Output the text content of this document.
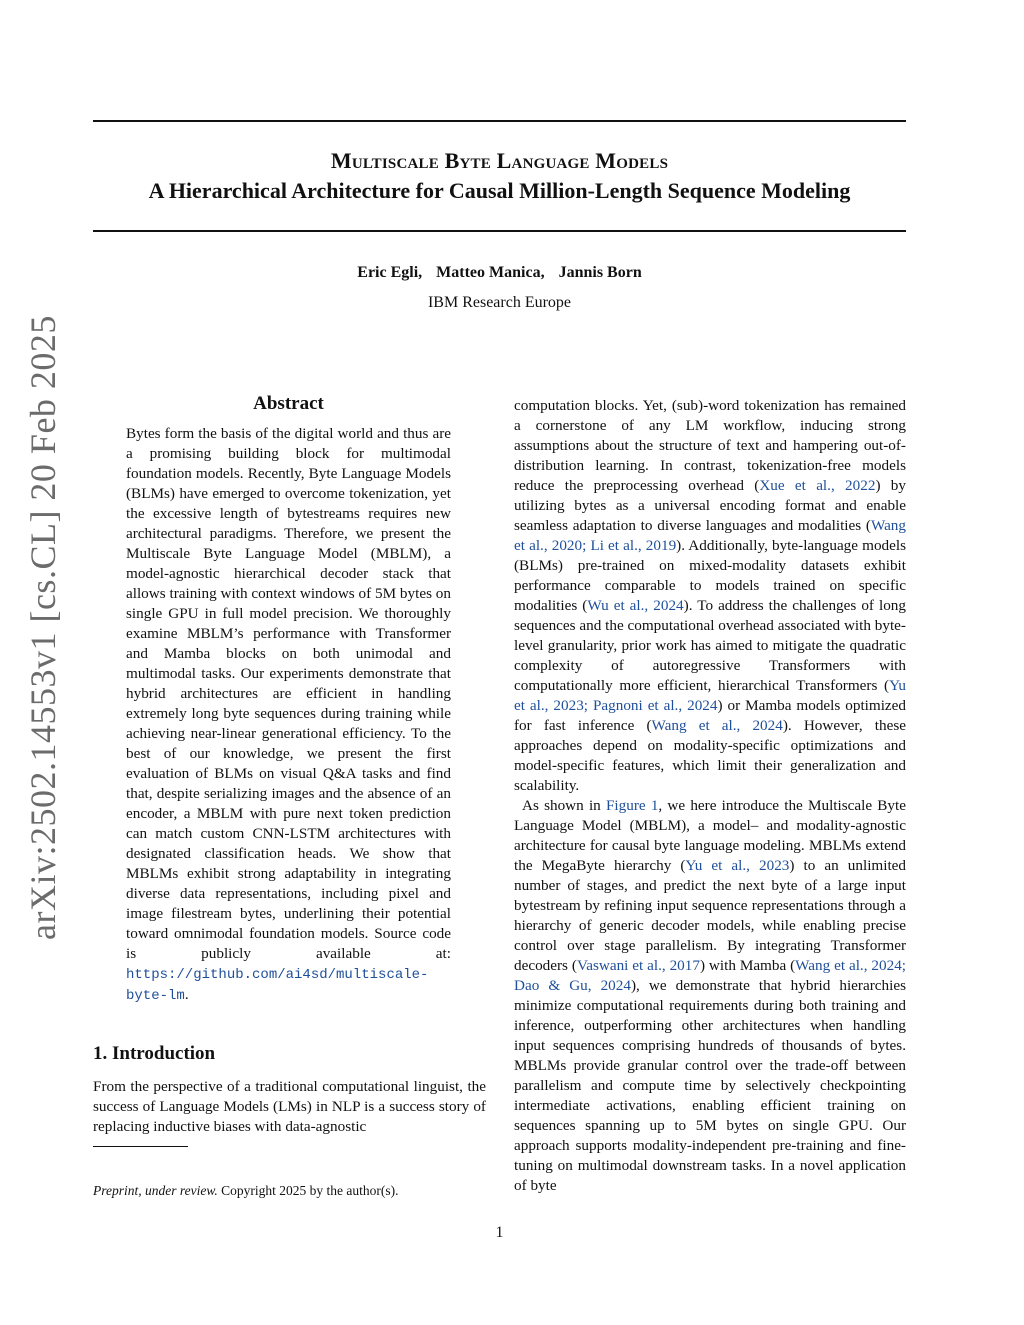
Multiscale Byte Language Models
A Hierarchical Architecture for Causal Million-Length Sequence Modeling
Eric Egli, Matteo Manica, Jannis Born
IBM Research Europe
arXiv:2502.14553v1 [cs.CL] 20 Feb 2025	Abstract
Bytes form the basis of the digital world and thus are a promising building block for multimodal foundation models. Recently, Byte Language Models (BLMs) have emerged to overcome tokenization, yet the excessive length of bytestreams requires new architectural paradigms. Therefore, we present the Multiscale Byte Language Model (MBLM), a model-agnostic hierarchical decoder stack that allows training with context windows of 5M bytes on single GPU in full model precision. We thoroughly examine MBLM’s performance with Transformer and Mamba blocks on both unimodal and multimodal tasks. Our experiments demonstrate that hybrid architectures are efficient in handling extremely long byte sequences during training while achieving near-linear generational efficiency. To the best of our knowledge, we present the first evaluation of BLMs on visual Q&A tasks and find that, despite serializing images and the absence of an encoder, a MBLM with pure next token prediction can match custom CNN-LSTM architectures with designated classification heads. We show that MBLMs exhibit strong adaptability in integrating diverse data representations, including pixel and image filestream bytes, underlining their potential toward omnimodal foundation models. Source code is publicly available at: https://github.com/ai4sd/multiscale-byte-lm.
1. Introduction
From the perspective of a traditional computational linguist, the success of Language Models (LMs) in NLP is a success story of replacing inductive biases with data-agnostic
Preprint, under review. Copyright 2025 by the author(s).

computation blocks. Yet, (sub)-word tokenization has remained a cornerstone of any LM workflow, inducing strong assumptions about the structure of text and hampering out-of-distribution learning. In contrast, tokenization-free models reduce the preprocessing overhead (Xue et al., 2022) by utilizing bytes as a universal encoding format and enable seamless adaptation to diverse languages and modalities (Wang et al., 2020; Li et al., 2019). Additionally, byte-language models (BLMs) pre-trained on mixed-modality datasets exhibit performance comparable to models trained on specific modalities (Wu et al., 2024). To address the challenges of long sequences and the computational overhead associated with byte-level granularity, prior work has aimed to mitigate the quadratic complexity of autoregressive Transformers with computationally more efficient, hierarchical Transformers (Yu et al., 2023; Pagnoni et al., 2024) or Mamba models optimized for fast inference (Wang et al., 2024). However, these approaches depend on modality-specific optimizations and model-specific features, which limit their generalization and scalability.

As shown in Figure 1, we here introduce the Multiscale Byte Language Model (MBLM), a model– and modality-agnostic architecture for causal byte language modeling. MBLMs extend the MegaByte hierarchy (Yu et al., 2023) to an unlimited number of stages, and predict the next byte of a large input bytestream by refining input sequence representations through a hierarchy of generic decoder models, while enabling precise control over stage parallelism. By integrating Transformer decoders (Vaswani et al., 2017) with Mamba (Wang et al., 2024; Dao & Gu, 2024), we demonstrate that hybrid hierarchies minimize computational requirements during both training and inference, outperforming other architectures when handling input sequences comprising hundreds of thousands of bytes. MBLMs provide granular control over the trade-off between parallelism and compute time by selectively checkpointing intermediate activations, enabling efficient training on sequences spanning up to 5M bytes on single GPU. Our approach supports modality-independent pre-training and fine-tuning on multimodal downstream tasks. In a novel application of byte

1
